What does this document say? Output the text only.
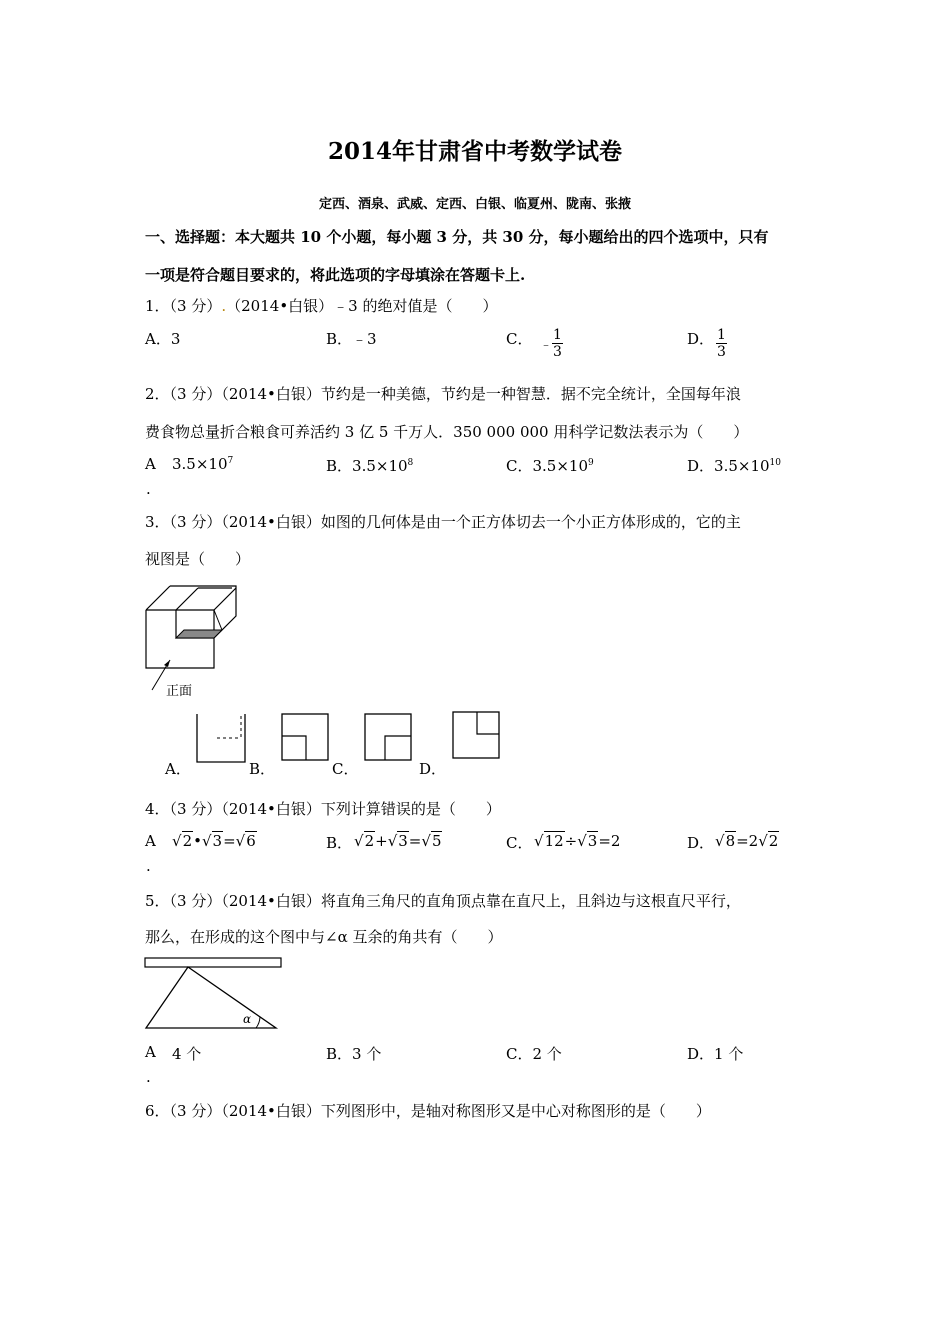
2014年甘肃省中考数学试卷
定西、酒泉、武威、定西、白银、临夏州、陇南、张掖
一、选择题：本大题共 10 个小题，每小题 3 分，共 30 分，每小题给出的四个选项中，只有
一项是符合题目要求的，将此选项的字母填涂在答题卡上.
1．（3 分）.（2014•白银）﹣3 的绝对值是（　　）
A．3	B．﹣3	C． ﹣ $\frac{1}{3}$	D． $\frac{1}{3}$
2．（3 分）（2014•白银）节约是一种美德，节约是一种智慧．据不完全统计，全国每年浪
费食物总量折合粮食可养活约 3 亿 5 千万人．350 000 000 用科学记数法表示为（　　）
A $3.5\times 10^7$
.
B．$3.5\times 10^8$	C．$3.5\times 10^9$	D．$3.5\times 10^{10}$
3．（3 分）（2014•白银）如图的几何体是由一个正方体切去一个小正方体形成的，它的主
视图是（　　）
正面
A．	B．	C．	D．
4．（3 分）（2014•白银）下列计算错误的是（　　）
A √2•√3=√6
.
B． √2+√3=√5	C． √12÷√3=2	D． √8=2√2
5．（3 分）（2014•白银）将直角三角尺的直角顶点靠在直尺上，且斜边与这根直尺平行，
那么，在形成的这个图中与∠α 互余的角共有（　　）
α
A 4 个
.
B．3 个	C．2 个	D．1 个
6．（3 分）（2014•白银）下列图形中，是轴对称图形又是中心对称图形的是（　　）
